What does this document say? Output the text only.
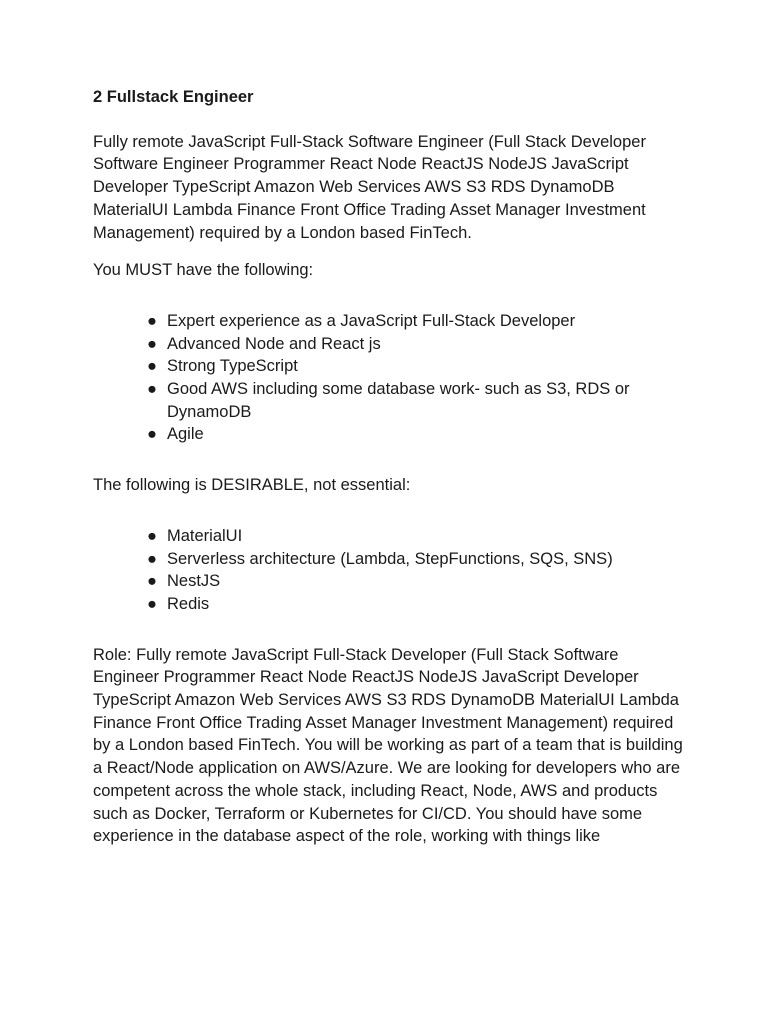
2 Fullstack Engineer

Fully remote JavaScript Full-Stack Software Engineer (Full Stack Developer Software Engineer Programmer React Node ReactJS NodeJS JavaScript Developer TypeScript Amazon Web Services AWS S3 RDS DynamoDB MaterialUI Lambda Finance Front Office Trading Asset Manager Investment Management) required by a London based FinTech.

You MUST have the following:

● Expert experience as a JavaScript Full-Stack Developer
● Advanced Node and React js
● Strong TypeScript
● Good AWS including some database work- such as S3, RDS or DynamoDB
● Agile

The following is DESIRABLE, not essential:

● MaterialUI
● Serverless architecture (Lambda, StepFunctions, SQS, SNS)
● NestJS
● Redis

Role: Fully remote JavaScript Full-Stack Developer (Full Stack Software Engineer Programmer React Node ReactJS NodeJS JavaScript Developer TypeScript Amazon Web Services AWS S3 RDS DynamoDB MaterialUI Lambda Finance Front Office Trading Asset Manager Investment Management) required by a London based FinTech. You will be working as part of a team that is building a React/Node application on AWS/Azure. We are looking for developers who are competent across the whole stack, including React, Node, AWS and products such as Docker, Terraform or Kubernetes for CI/CD. You should have some experience in the database aspect of the role, working with things like
